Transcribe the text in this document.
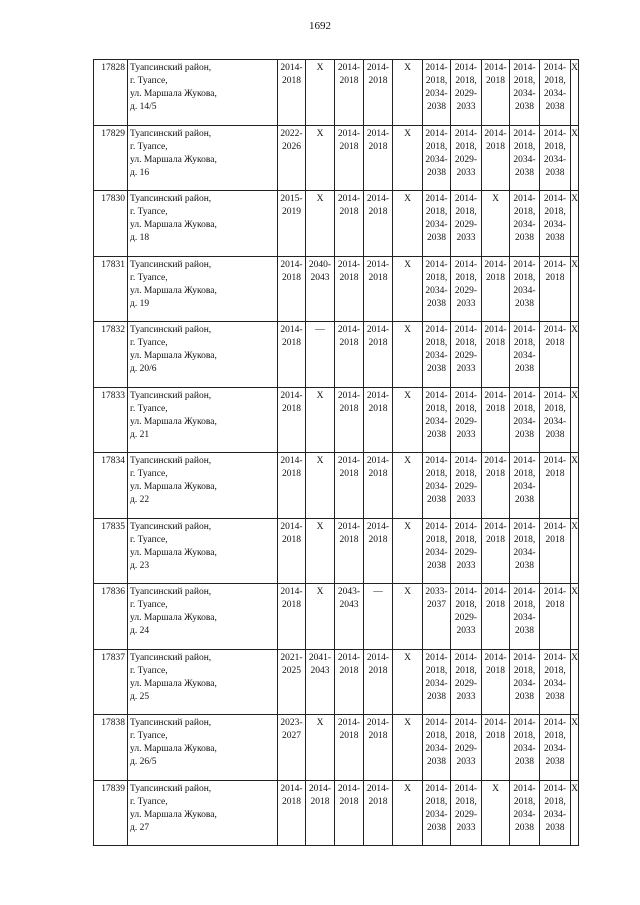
1692
17828	Туапсинский район,
г. Туапсе,
ул. Маршала Жукова,
д. 14/5	2014-
2018	Х	2014-
2018	2014-
2018	Х	2014-
2018,
2034-
2038	2014-
2018,
2029-
2033	2014-
2018	2014-
2018,
2034-
2038	2014-
2018,
2034-
2038	Х

17829	Туапсинский район,
г. Туапсе,
ул. Маршала Жукова,
д. 16	2022-
2026	Х	2014-
2018	2014-
2018	Х	2014-
2018,
2034-
2038	2014-
2018,
2029-
2033	2014-
2018	2014-
2018,
2034-
2038	2014-
2018,
2034-
2038	Х

17830	Туапсинский район,
г. Туапсе,
ул. Маршала Жукова,
д. 18	2015-
2019	Х	2014-
2018	2014-
2018	Х	2014-
2018,
2034-
2038	2014-
2018,
2029-
2033	Х	2014-
2018,
2034-
2038	2014-
2018,
2034-
2038	Х

17831	Туапсинский район,
г. Туапсе,
ул. Маршала Жукова,
д. 19	2014-
2018	2040-
2043	2014-
2018	2014-
2018	Х	2014-
2018,
2034-
2038	2014-
2018,
2029-
2033	2014-
2018	2014-
2018,
2034-
2038	2014-
2018	Х

17832	Туапсинский район,
г. Туапсе,
ул. Маршала Жукова,
д. 20/6	2014-
2018	—	2014-
2018	2014-
2018	Х	2014-
2018,
2034-
2038	2014-
2018,
2029-
2033	2014-
2018	2014-
2018,
2034-
2038	2014-
2018	Х

17833	Туапсинский район,
г. Туапсе,
ул. Маршала Жукова,
д. 21	2014-
2018	Х	2014-
2018	2014-
2018	Х	2014-
2018,
2034-
2038	2014-
2018,
2029-
2033	2014-
2018	2014-
2018,
2034-
2038	2014-
2018,
2034-
2038	Х

17834	Туапсинский район,
г. Туапсе,
ул. Маршала Жукова,
д. 22	2014-
2018	Х	2014-
2018	2014-
2018	Х	2014-
2018,
2034-
2038	2014-
2018,
2029-
2033	2014-
2018	2014-
2018,
2034-
2038	2014-
2018	Х

17835	Туапсинский район,
г. Туапсе,
ул. Маршала Жукова,
д. 23	2014-
2018	Х	2014-
2018	2014-
2018	Х	2014-
2018,
2034-
2038	2014-
2018,
2029-
2033	2014-
2018	2014-
2018,
2034-
2038	2014-
2018	Х

17836	Туапсинский район,
г. Туапсе,
ул. Маршала Жукова,
д. 24	2014-
2018	Х	2043-
2043	—	Х	2033-
2037	2014-
2018,
2029-
2033	2014-
2018	2014-
2018,
2034-
2038	2014-
2018	Х

17837	Туапсинский район,
г. Туапсе,
ул. Маршала Жукова,
д. 25	2021-
2025	2041-
2043	2014-
2018	2014-
2018	Х	2014-
2018,
2034-
2038	2014-
2018,
2029-
2033	2014-
2018	2014-
2018,
2034-
2038	2014-
2018,
2034-
2038	Х

17838	Туапсинский район,
г. Туапсе,
ул. Маршала Жукова,
д. 26/5	2023-
2027	Х	2014-
2018	2014-
2018	Х	2014-
2018,
2034-
2038	2014-
2018,
2029-
2033	2014-
2018	2014-
2018,
2034-
2038	2014-
2018,
2034-
2038	Х

17839	Туапсинский район,
г. Туапсе,
ул. Маршала Жукова,
д. 27	2014-
2018	2014-
2018	2014-
2018	2014-
2018	Х	2014-
2018,
2034-
2038	2014-
2018,
2029-
2033	Х	2014-
2018,
2034-
2038	2014-
2018,
2034-
2038	Х
